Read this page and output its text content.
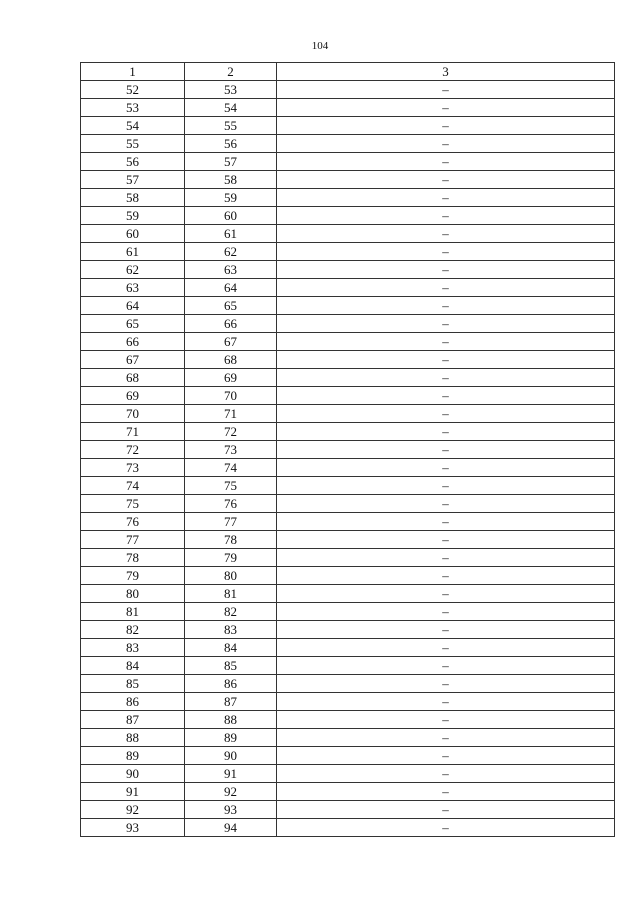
104
1	2	3
52	53	–
53	54	–
54	55	–
55	56	–
56	57	–
57	58	–
58	59	–
59	60	–
60	61	–
61	62	–
62	63	–
63	64	–
64	65	–
65	66	–
66	67	–
67	68	–
68	69	–
69	70	–
70	71	–
71	72	–
72	73	–
73	74	–
74	75	–
75	76	–
76	77	–
77	78	–
78	79	–
79	80	–
80	81	–
81	82	–
82	83	–
83	84	–
84	85	–
85	86	–
86	87	–
87	88	–
88	89	–
89	90	–
90	91	–
91	92	–
92	93	–
93	94	–
